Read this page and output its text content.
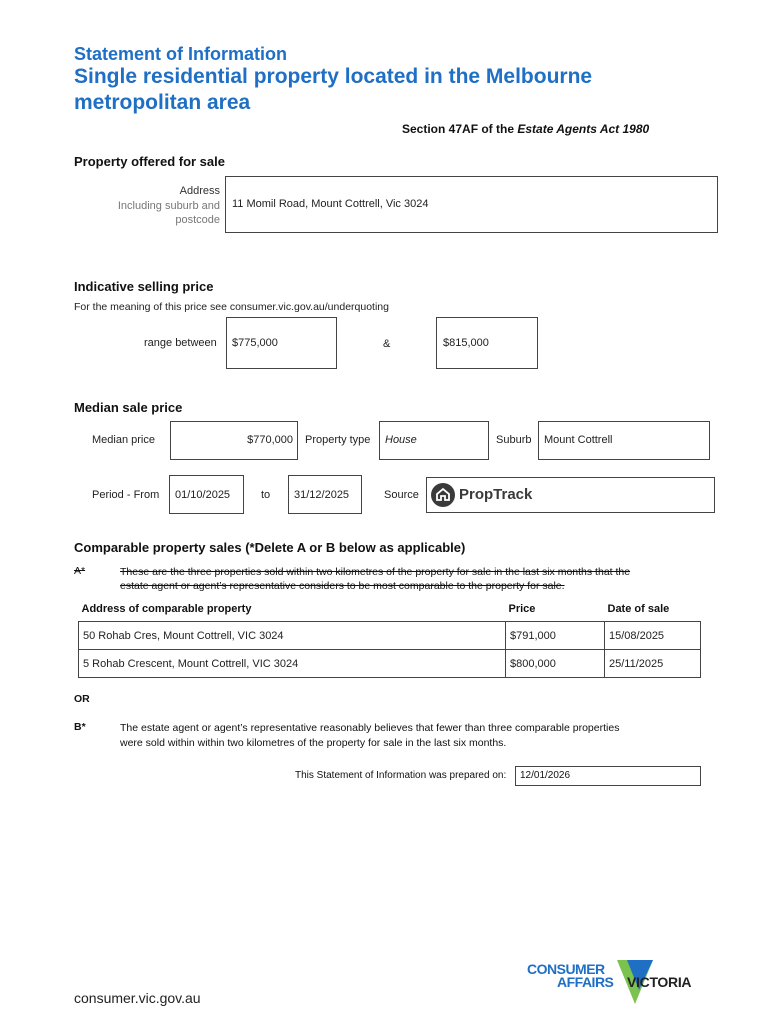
Statement of Information
Single residential property located in the Melbourne metropolitan area
Section 47AF of the Estate Agents Act 1980
Property offered for sale
Address
Including suburb and
postcode
11 Momil Road, Mount Cottrell, Vic 3024
Indicative selling price
For the meaning of this price see consumer.vic.gov.au/underquoting
range between $775,000	&	$815,000
Median sale price
Median price	$770,000 Property type House	Suburb Mount Cottrell
Period - From 01/10/2025	to 31/12/2025	Source	PropTrack
Comparable property sales (*Delete A or B below as applicable)
A*	These are the three properties sold within two kilometres of the property for sale in the last six months that the
estate agent or agent’s representative considers to be most comparable to the property for sale.
Address of comparable property	Price	Date of sale
50 Rohab Cres, Mount Cottrell, VIC 3024	$791,000	15/08/2025
5 Rohab Crescent, Mount Cottrell, VIC 3024	$800,000	25/11/2025
OR
B*	The estate agent or agent’s representative reasonably believes that fewer than three comparable properties
were sold within within two kilometres of the property for sale in the last six months.
This Statement of Information was prepared on: 12/01/2026
consumer.vic.gov.au
CONSUMER
AFFAIRS VICTORIA
